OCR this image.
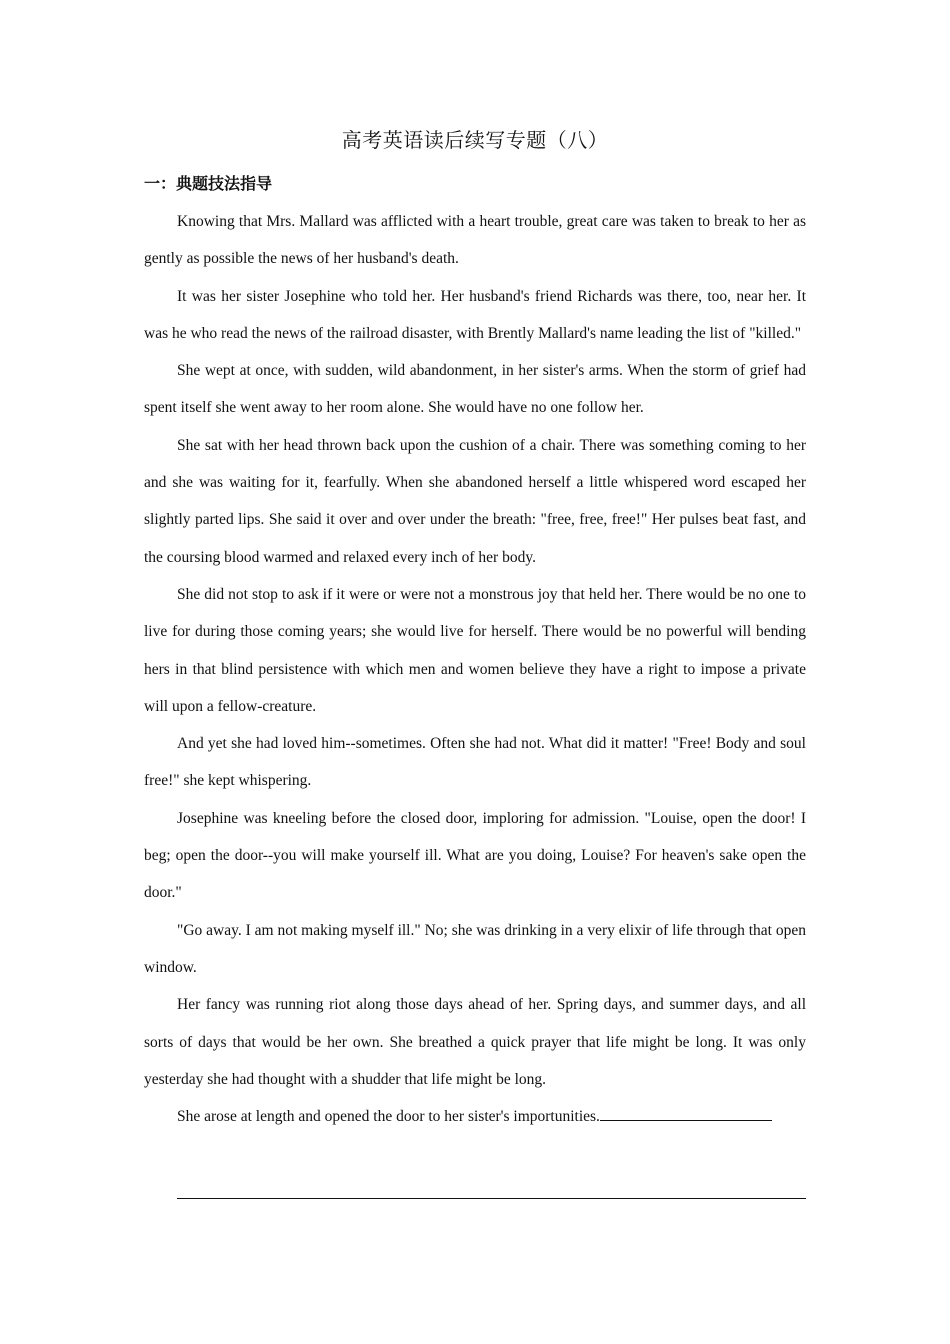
高考英语读后续写专题（八）
一：典题技法指导

Knowing that Mrs. Mallard was afflicted with a heart trouble, great care was taken to break to her as gently as possible the news of her husband's death.

It was her sister Josephine who told her. Her husband's friend Richards was there, too, near her. It was he who read the news of the railroad disaster, with Brently Mallard's name leading the list of "killed."

She wept at once, with sudden, wild abandonment, in her sister's arms. When the storm of grief had spent itself she went away to her room alone. She would have no one follow her.

She sat with her head thrown back upon the cushion of a chair. There was something coming to her and she was waiting for it, fearfully. When she abandoned herself a little whispered word escaped her slightly parted lips. She said it over and over under the breath: "free, free, free!" Her pulses beat fast, and the coursing blood warmed and relaxed every inch of her body.

She did not stop to ask if it were or were not a monstrous joy that held her. There would be no one to live for during those coming years; she would live for herself. There would be no powerful will bending hers in that blind persistence with which men and women believe they have a right to impose a private will upon a fellow-creature.

And yet she had loved him--sometimes. Often she had not. What did it matter! "Free! Body and soul free!" she kept whispering.

Josephine was kneeling before the closed door, imploring for admission. "Louise, open the door! I beg; open the door--you will make yourself ill. What are you doing, Louise? For heaven's sake open the door."

"Go away. I am not making myself ill." No; she was drinking in a very elixir of life through that open window.

Her fancy was running riot along those days ahead of her. Spring days, and summer days, and all sorts of days that would be her own. She breathed a quick prayer that life might be long. It was only yesterday she had thought with a shudder that life might be long.

She arose at length and opened the door to her sister's importunities.
